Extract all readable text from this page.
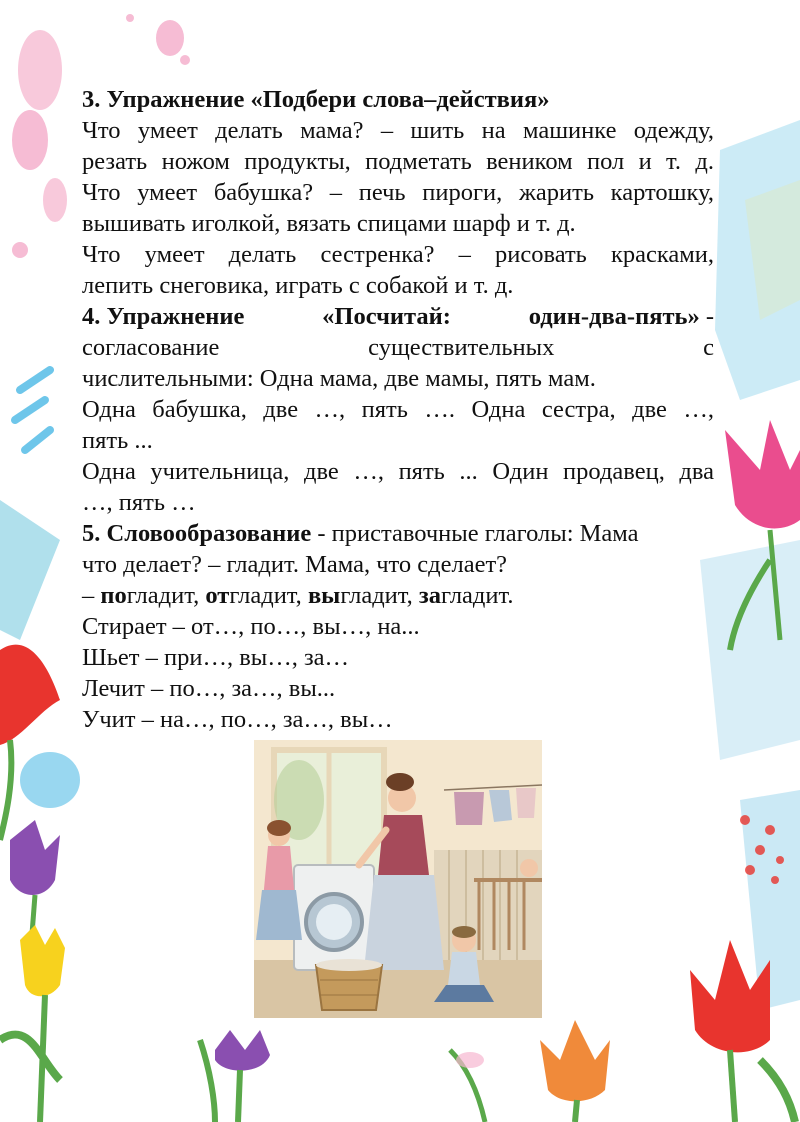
3. Упражнение «Подбери слова–действия»

Что умеет делать мама? – шить на машинке одежду,

резать ножом продукты, подметать веником пол и т. д.

Что умеет бабушка? – печь пироги, жарить картошку,

вышивать иголкой, вязать спицами шарф и т. д.

Что умеет делать сестренка? – рисовать красками,

лепить снеговика, играть с собакой и т. д.

4. Упражнение	«Посчитай:	один-два-пять» -
согласование	существительных	с

числительными: Одна мама, две мамы, пять мам.

Одна бабушка, две …, пять …. Одна сестра, две …,

пять ...

Одна учительница, две …, пять ... Один продавец, два

…, пять …

5. Словообразование - приставочные глаголы: Мама

что делает? – гладит. Мама, что сделает?

– погладит, отгладит, выгладит, загладит.

Стирает – от…, по…, вы…, на...

Шьет – при…, вы…, за…

Лечит – по…, за…, вы...

Учит – на…, по…, за…, вы…
